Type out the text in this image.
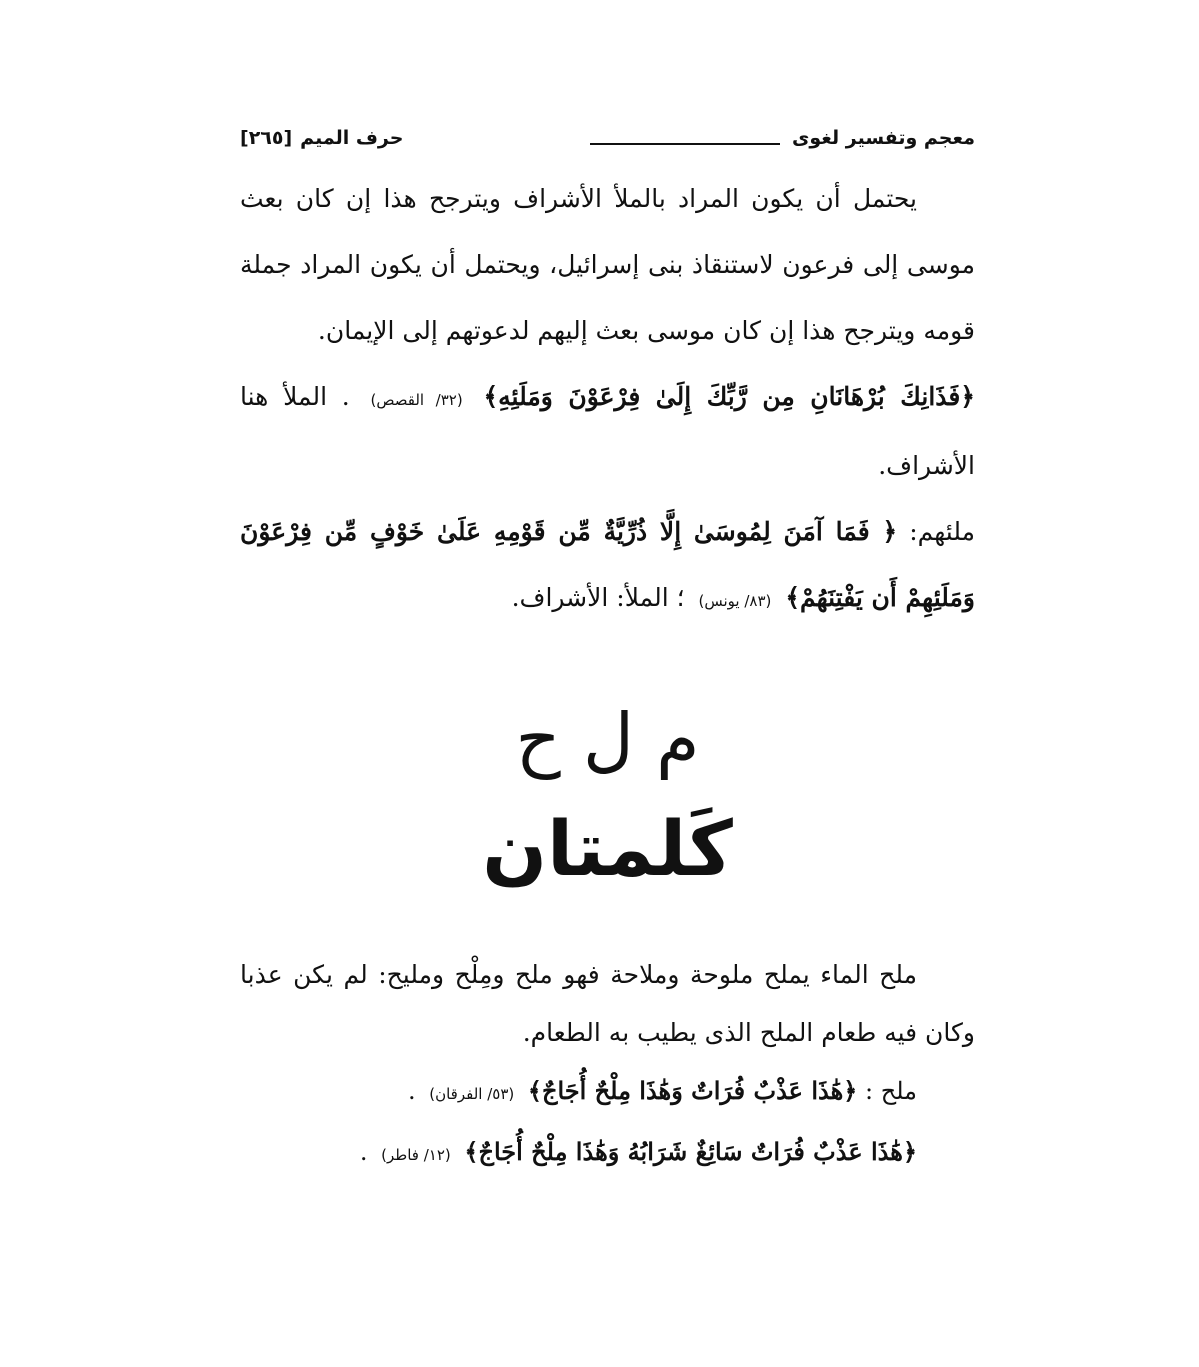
معجم وتفسير لغوى
حرف الميم
[٢٦٥]

يحتمل أن يكون المراد بالملأ الأشراف ويترجح هذا إن كان بعث موسى إلى فرعون لاستنقاذ بنى إسرائيل، ويحتمل أن يكون المراد جملة قومه ويترجح هذا إن كان موسى بعث إليهم لدعوتهم إلى الإيمان.

﴿فَذَانِكَ بُرْهَانَانِ مِن رَّبِّكَ إِلَىٰ فِرْعَوْنَ وَمَلَئِهِ﴾ (٣٢/ القصص) . الملأ هنا الأشراف.

ملئهم: ﴿ فَمَا آمَنَ لِمُوسَىٰ إِلَّا ذُرِّيَّةٌ مِّن قَوْمِهِ عَلَىٰ خَوْفٍ مِّن فِرْعَوْنَ وَمَلَئِهِمْ أَن يَفْتِنَهُمْ﴾ (٨٣/ يونس) ؛ الملأ: الأشراف.

م ل ح
كَلمتان

ملح الماء يملح ملوحة وملاحة فهو ملح ومِلْح ومليح: لم يكن عذبا وكان فيه طعام الملح الذى يطيب به الطعام.

ملح : ﴿هَٰذَا عَذْبٌ فُرَاتٌ وَهَٰذَا مِلْحٌ أُجَاجٌ﴾ (٥٣/ الفرقان) .

﴿هَٰذَا عَذْبٌ فُرَاتٌ سَائِغٌ شَرَابُهُ وَهَٰذَا مِلْحٌ أُجَاجٌ﴾ (١٢/ فاطر) .
